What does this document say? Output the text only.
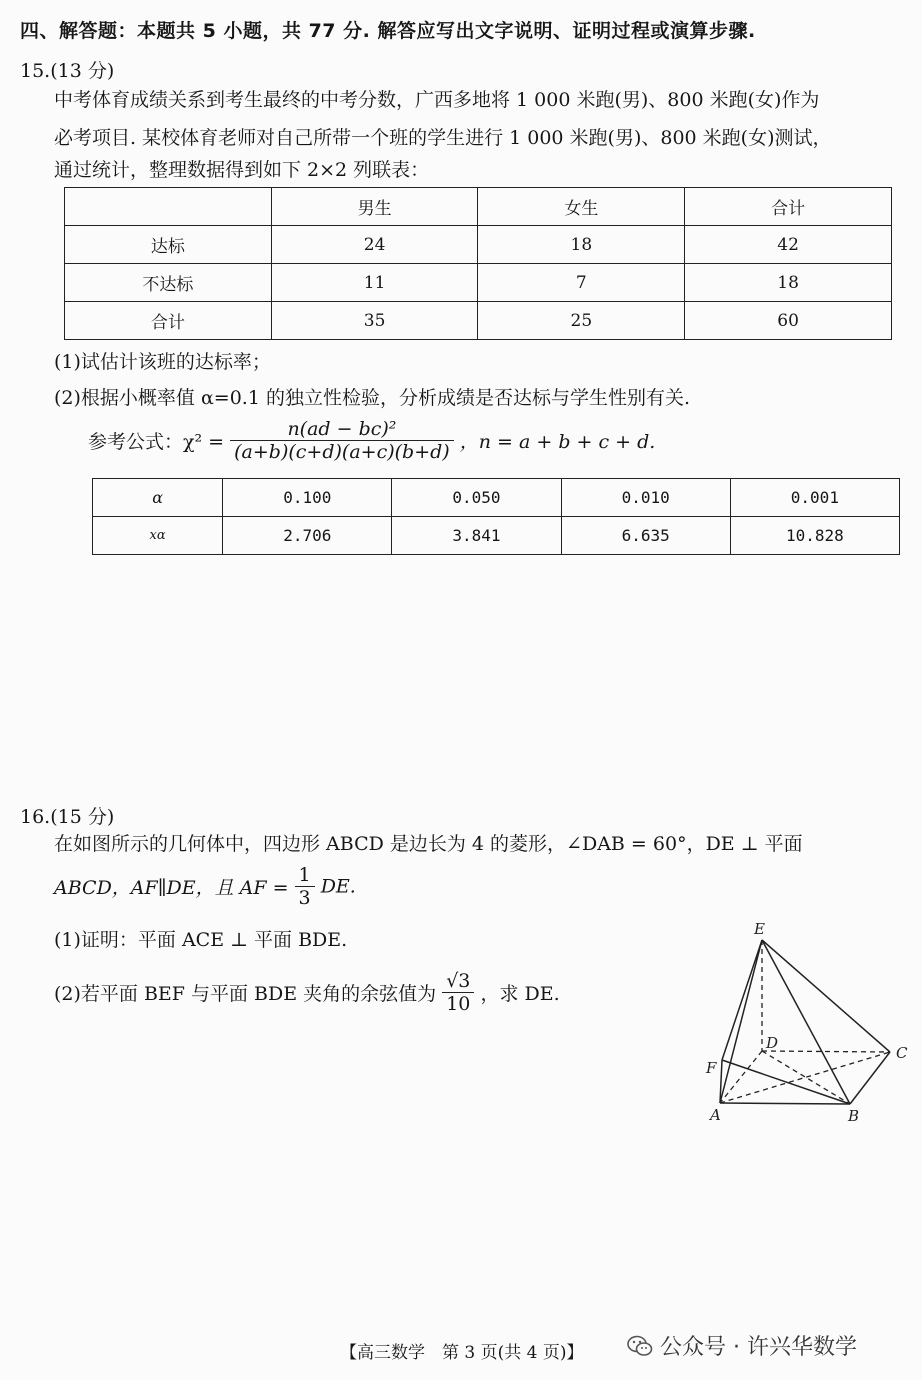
四、解答题：本题共 5 小题，共 77 分. 解答应写出文字说明、证明过程或演算步骤.
15.(13 分)
中考体育成绩关系到考生最终的中考分数，广西多地将 1 000 米跑(男)、800 米跑(女)作为
必考项目. 某校体育老师对自己所带一个班的学生进行 1 000 米跑(男)、800 米跑(女)测试，
通过统计，整理数据得到如下 2×2 列联表：
	男生	女生	合计
达标	24	18	42
不达标	11	7	18
合计	35	25	60
(1)试估计该班的达标率；
(2)根据小概率值 α=0.1 的独立性检验，分析成绩是否达标与学生性别有关.
参考公式：$\chi^2 = \frac{\text{n(ad − bc)²}}{(a+b)(c+d)(a+c)(b+d)}$ ，n = a + b + c + d.
α	0.100	0.050	0.010	0.001
xα	2.706	3.841	6.635	10.828
16.(15 分)
在如图所示的几何体中，四边形 ABCD 是边长为 4 的菱形，∠DAB = 60°，DE ⊥ 平面
ABCD，AF∥DE，且 AF = $\frac{1}{3}$ DE.
(1)证明：平面 ACE ⊥ 平面 BDE.
(2)若平面 BEF 与平面 BDE 夹角的余弦值为 $\frac{√3}{10}$ ，求 DE.
E
D
C
F
A	B
【高三数学　第 3 页(共 4 页)】	公众号 · 许兴华数学
